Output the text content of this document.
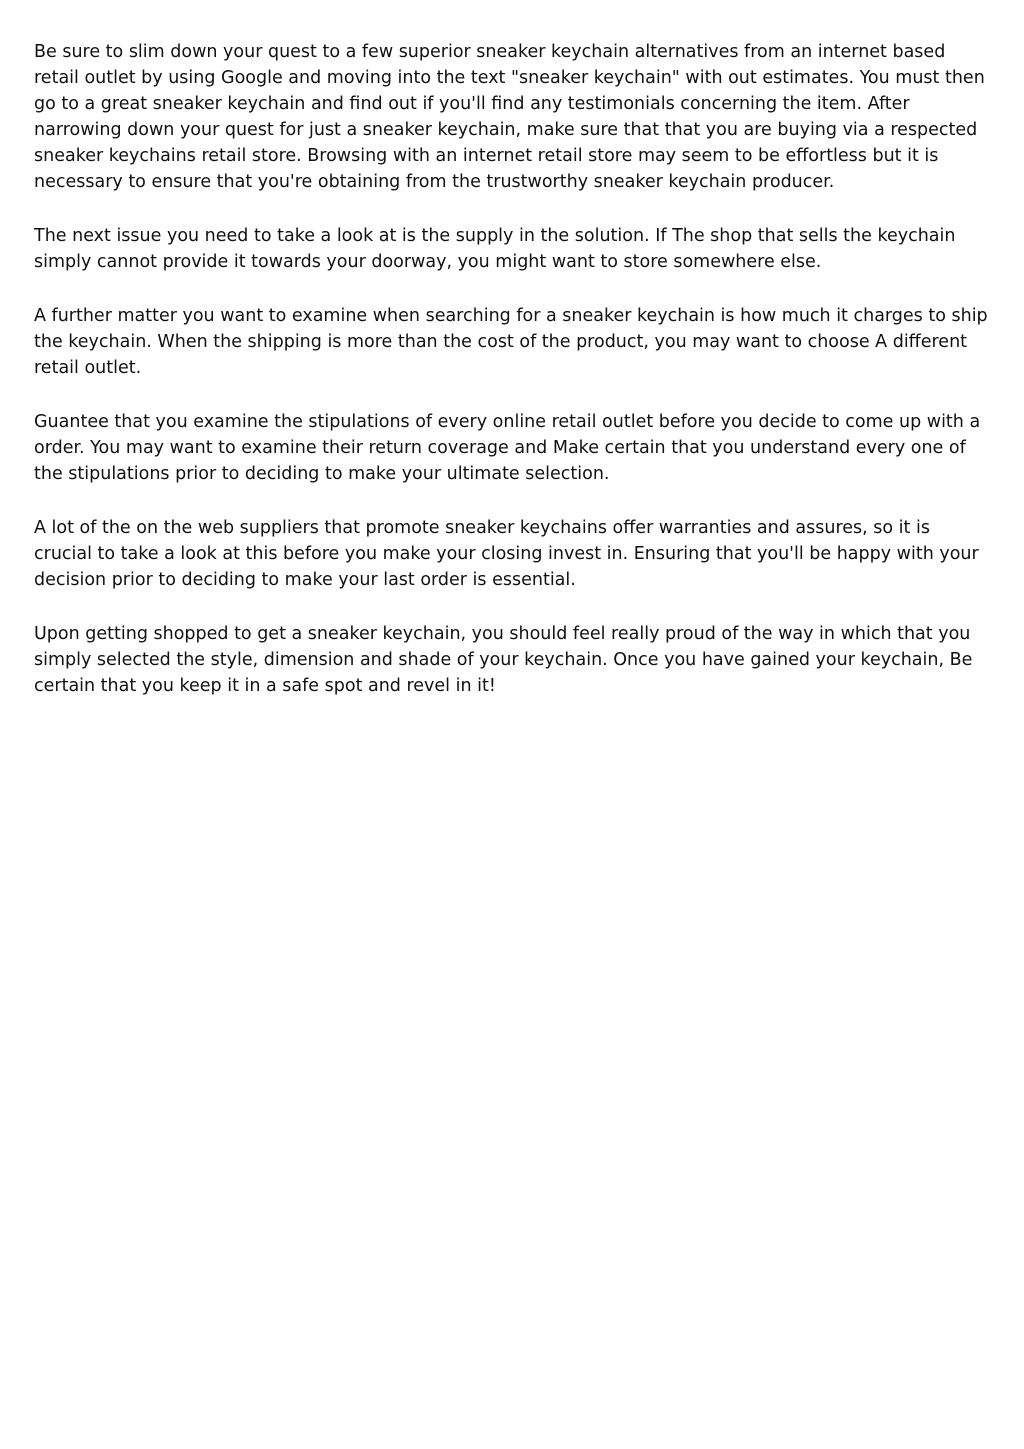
Be sure to slim down your quest to a few superior sneaker keychain alternatives from an internet based retail outlet by using Google and moving into the text "sneaker keychain" with out estimates. You must then go to a great sneaker keychain and find out if you'll find any testimonials concerning the item. After narrowing down your quest for just a sneaker keychain, make sure that that you are buying via a respected sneaker keychains retail store. Browsing with an internet retail store may seem to be effortless but it is necessary to ensure that you're obtaining from the trustworthy sneaker keychain producer.

The next issue you need to take a look at is the supply in the solution. If The shop that sells the keychain simply cannot provide it towards your doorway, you might want to store somewhere else.

A further matter you want to examine when searching for a sneaker keychain is how much it charges to ship the keychain. When the shipping is more than the cost of the product, you may want to choose A different retail outlet.

Guantee that you examine the stipulations of every online retail outlet before you decide to come up with a order. You may want to examine their return coverage and Make certain that you understand every one of the stipulations prior to deciding to make your ultimate selection.

A lot of the on the web suppliers that promote sneaker keychains offer warranties and assures, so it is crucial to take a look at this before you make your closing invest in. Ensuring that you'll be happy with your decision prior to deciding to make your last order is essential.

Upon getting shopped to get a sneaker keychain, you should feel really proud of the way in which that you simply selected the style, dimension and shade of your keychain. Once you have gained your keychain, Be certain that you keep it in a safe spot and revel in it!
